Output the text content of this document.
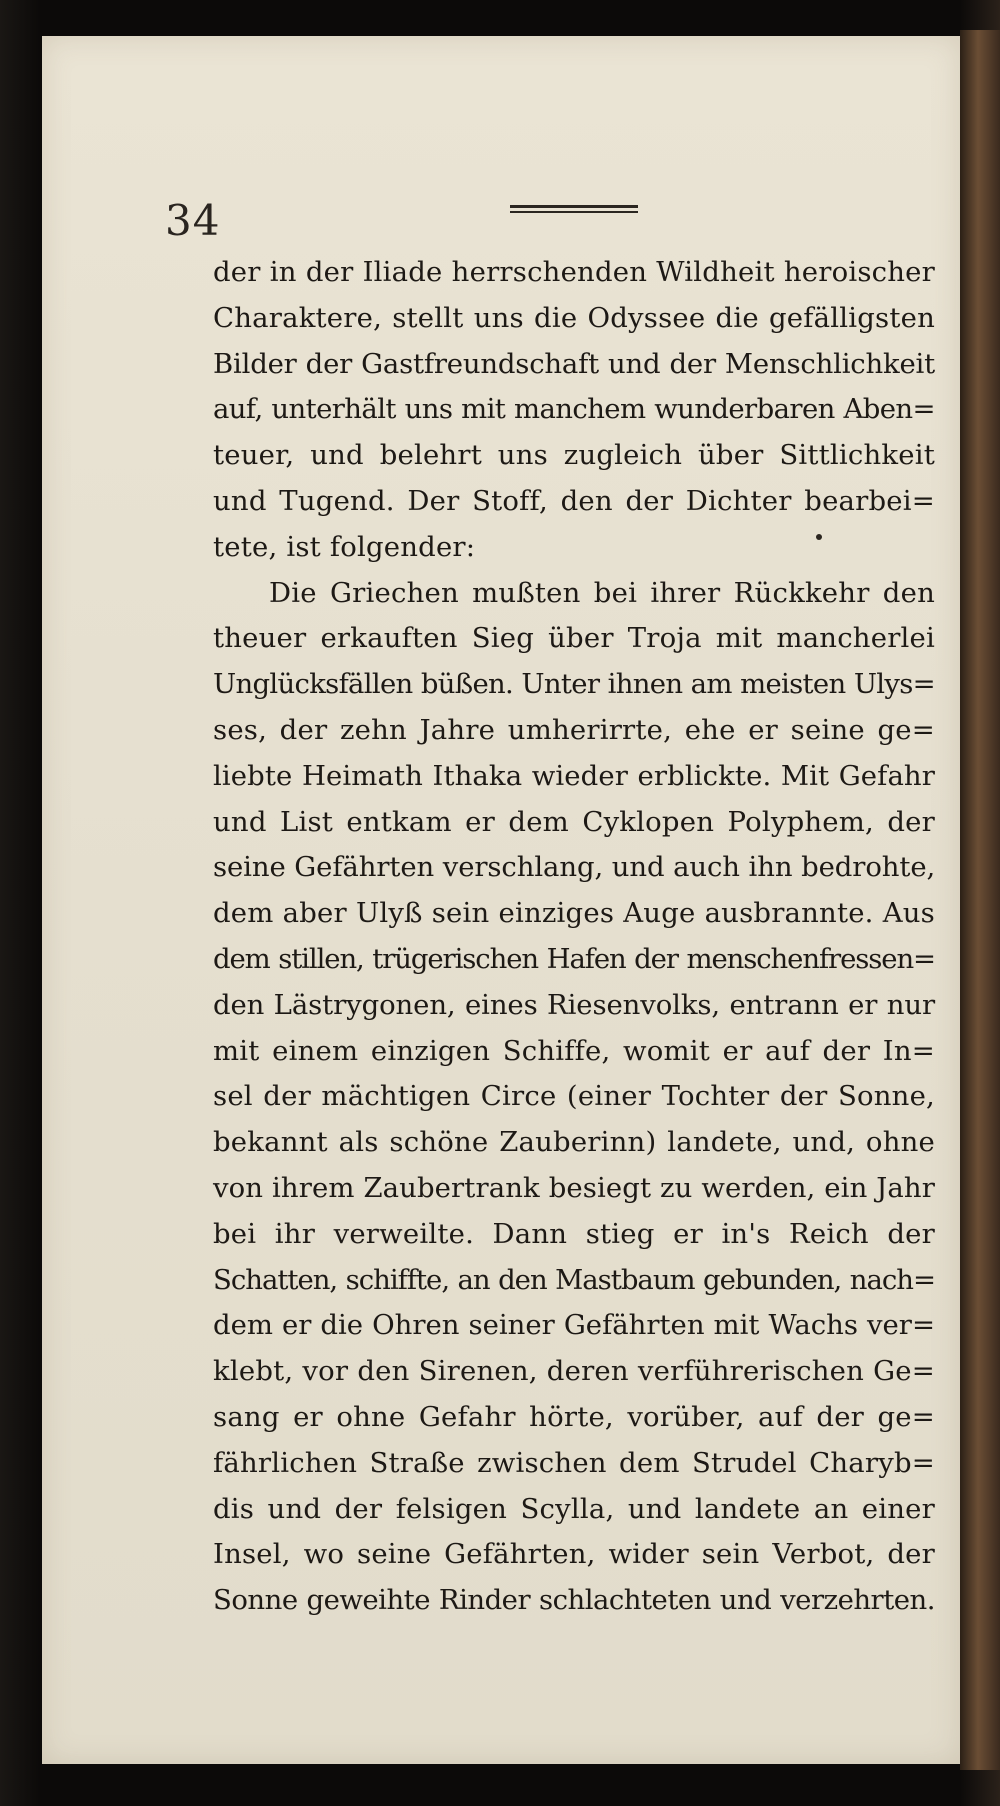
34
der in der Iliade herrschenden Wildheit heroischer
Charaktere, stellt uns die Odyssee die gefälligsten
Bilder der Gastfreundschaft und der Menschlichkeit
auf, unterhält uns mit manchem wunderbaren Aben=
teuer, und belehrt uns zugleich über Sittlichkeit
und Tugend. Der Stoff, den der Dichter bearbei=
tete, ist folgender:
Die Griechen mußten bei ihrer Rückkehr den
theuer erkauften Sieg über Troja mit mancherlei
Unglücksfällen büßen. Unter ihnen am meisten Ulys=
ses, der zehn Jahre umherirrte, ehe er seine ge=
liebte Heimath Ithaka wieder erblickte. Mit Gefahr
und List entkam er dem Cyklopen Polyphem, der
seine Gefährten verschlang, und auch ihn bedrohte,
dem aber Ulyß sein einziges Auge ausbrannte. Aus
dem stillen, trügerischen Hafen der menschenfressen=
den Lästrygonen, eines Riesenvolks, entrann er nur
mit einem einzigen Schiffe, womit er auf der In=
sel der mächtigen Circe (einer Tochter der Sonne,
bekannt als schöne Zauberinn) landete, und, ohne
von ihrem Zaubertrank besiegt zu werden, ein Jahr
bei ihr verweilte. Dann stieg er in's Reich der
Schatten, schiffte, an den Mastbaum gebunden, nach=
dem er die Ohren seiner Gefährten mit Wachs ver=
klebt, vor den Sirenen, deren verführerischen Ge=
sang er ohne Gefahr hörte, vorüber, auf der ge=
fährlichen Straße zwischen dem Strudel Charyb=
dis und der felsigen Scylla, und landete an einer
Insel, wo seine Gefährten, wider sein Verbot, der
Sonne geweihte Rinder schlachteten und verzehrten.
